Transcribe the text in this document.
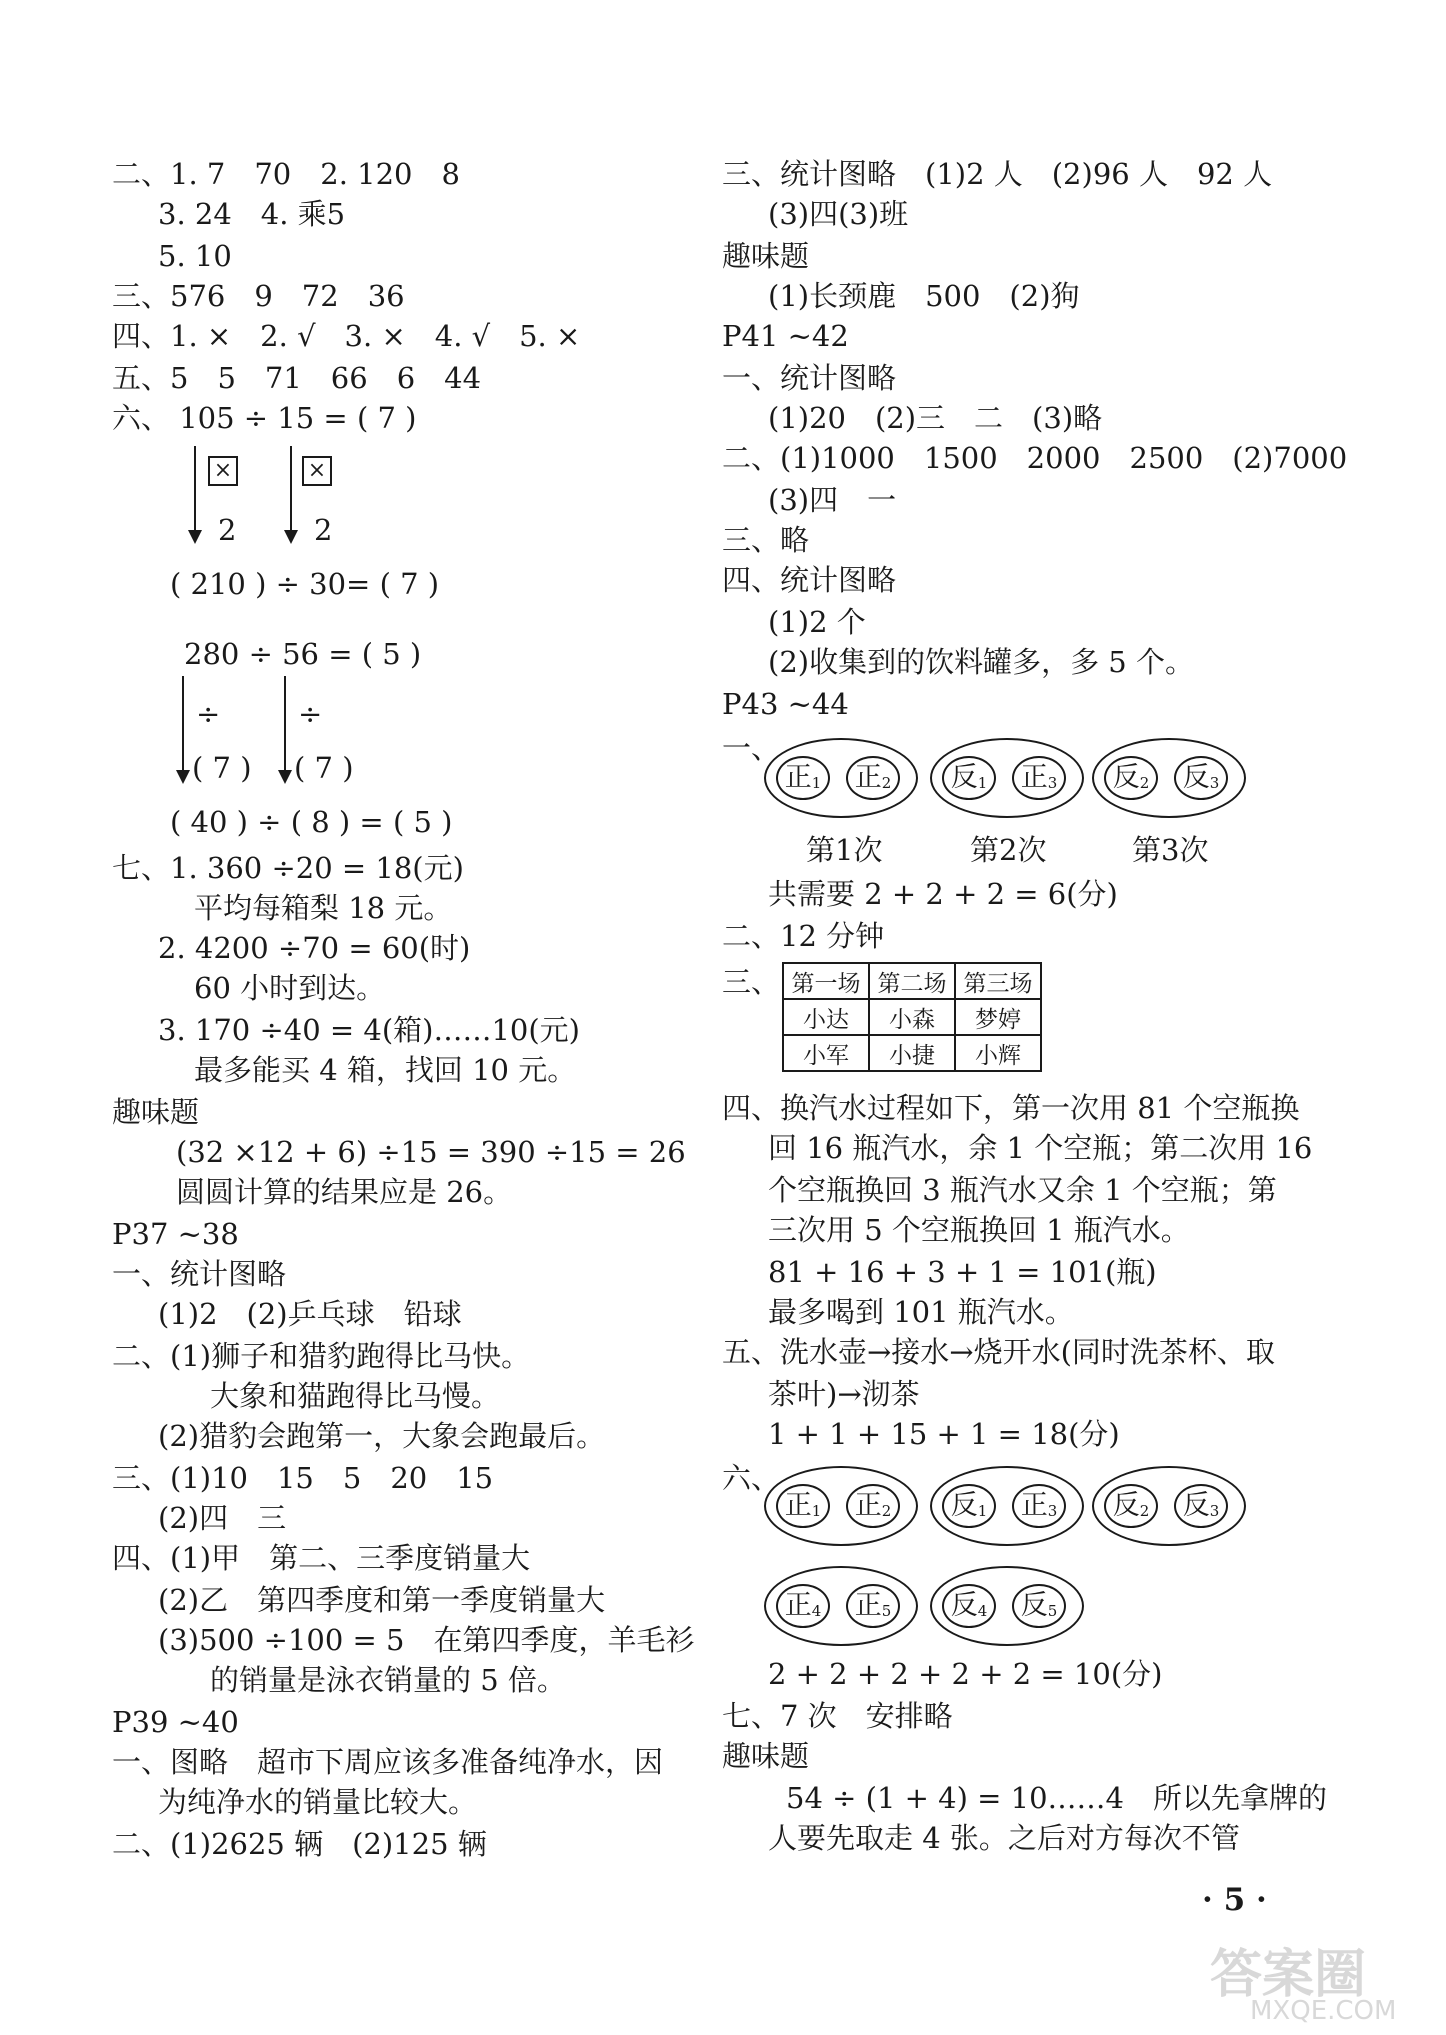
二、1. 7　70　2. 120　8
3. 24　4. 乘5
5. 10
三、576　9　72　36
四、1. ×　2. √　3. ×　4. √　5. ×
五、5　5　71　66　6　44
六、 105 ÷ 15 = ( 7 )
×	×
2	2
( 210 ) ÷ 30= ( 7 )
280 ÷ 56 = ( 5 )
÷	÷
( 7 ) ( 7 )
( 40 ) ÷ ( 8 ) = ( 5 )
七、1. 360 ÷20 = 18(元)
平均每箱梨 18 元。
2. 4200 ÷70 = 60(时)
60 小时到达。
3. 170 ÷40 = 4(箱)……10(元)
最多能买 4 箱，找回 10 元。
趣味题
(32 ×12 + 6) ÷15 = 390 ÷15 = 26
圆圆计算的结果应是 26。
P37 ~38
一、统计图略
(1)2　(2)乒乓球　铅球
二、(1)狮子和猎豹跑得比马快。
大象和猫跑得比马慢。
(2)猎豹会跑第一，大象会跑最后。
三、(1)10　15　5　20　15
(2)四　三
四、(1)甲　第二、三季度销量大
(2)乙　第四季度和第一季度销量大
(3)500 ÷100 = 5　在第四季度，羊毛衫
的销量是泳衣销量的 5 倍。
P39 ~40
一、图略　超市下周应该多准备纯净水，因
为纯净水的销量比较大。
二、(1)2625 辆　(2)125 辆
三、统计图略　(1)2 人　(2)96 人　92 人
(3)四(3)班
趣味题
(1)长颈鹿　500　(2)狗
P41 ~42
一、统计图略
(1)20　(2)三　二　(3)略
二、(1)1000　1500　2000　2500　(2)7000
(3)四　一
三、略
四、统计图略
(1)2 个
(2)收集到的饮料罐多，多 5 个。
P43 ~44
一、
正$_1$	正$_2$	反$_1$	正$_3$	反$_2$	反$_3$
第1次	第2次	第3次
共需要 2 + 2 + 2 = 6(分)
二、12 分钟
三、 第一场	第二场	第三场
小达	小森	梦婷
小军	小捷	小辉
四、换汽水过程如下，第一次用 81 个空瓶换
回 16 瓶汽水，余 1 个空瓶；第二次用 16
个空瓶换回 3 瓶汽水又余 1 个空瓶；第
三次用 5 个空瓶换回 1 瓶汽水。
81 + 16 + 3 + 1 = 101(瓶)
最多喝到 101 瓶汽水。
五、洗水壶→接水→烧开水(同时洗茶杯、取
茶叶)→沏茶
1 + 1 + 15 + 1 = 18(分)
六、
正$_1$	正$_2$	反$_1$	正$_3$	反$_2$	反$_3$
正$_4$	正$_5$	反$_4$	反$_5$
2 + 2 + 2 + 2 + 2 = 10(分)
七、7 次　安排略
趣味题
54 ÷ (1 + 4) = 10……4　所以先拿牌的
人要先取走 4 张。之后对方每次不管
· 5 ·
答案圈
MXQE.COM
